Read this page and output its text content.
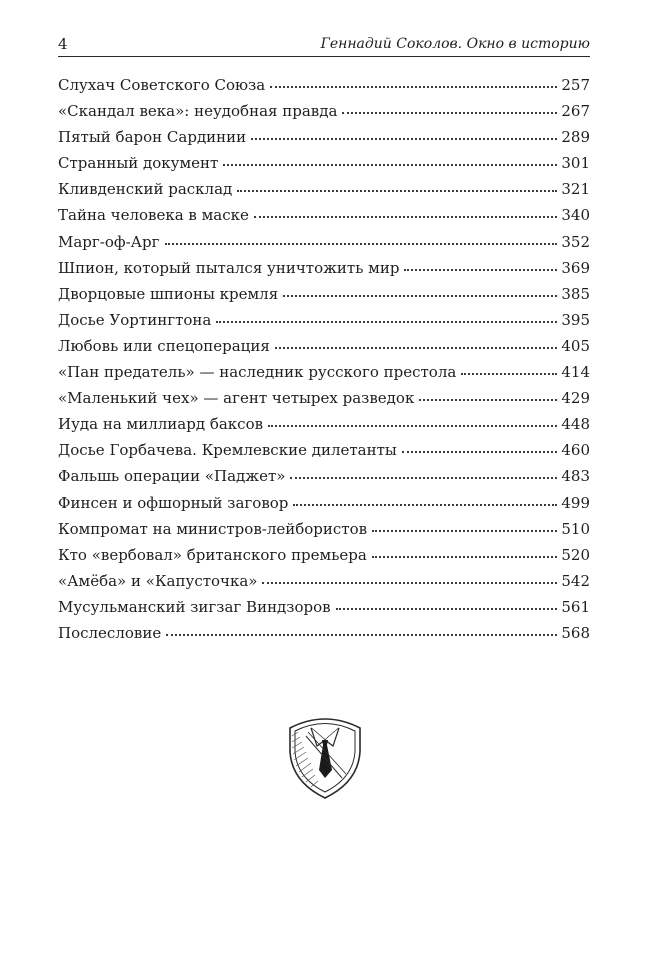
4	Геннадий Соколов. Окно в историю
Слухач Советского Союза	257
«Скандал века»: неудобная правда	267
Пятый барон Сардинии	289
Странный документ	301
Кливденский расклад	321
Тайна человека в маске	340
Марг-оф-Арг	352
Шпион, который пытался уничтожить мир	369
Дворцовые шпионы кремля	385
Досье Уортингтона	395
Любовь или спецоперация	405
«Пан предатель» — наследник русского престола	414
«Маленький чех» — агент четырех разведок	429
Иуда на миллиард баксов	448
Досье Горбачева. Кремлевские дилетанты	460
Фальшь операции «Паджет»	483
Финсен и офшорный заговор	499
Компромат на министров-лейбористов	510
Кто «вербовал» британского премьера	520
«Амёба» и «Капусточка»	542
Мусульманский зигзаг Виндзоров	561
Послесловие	568
